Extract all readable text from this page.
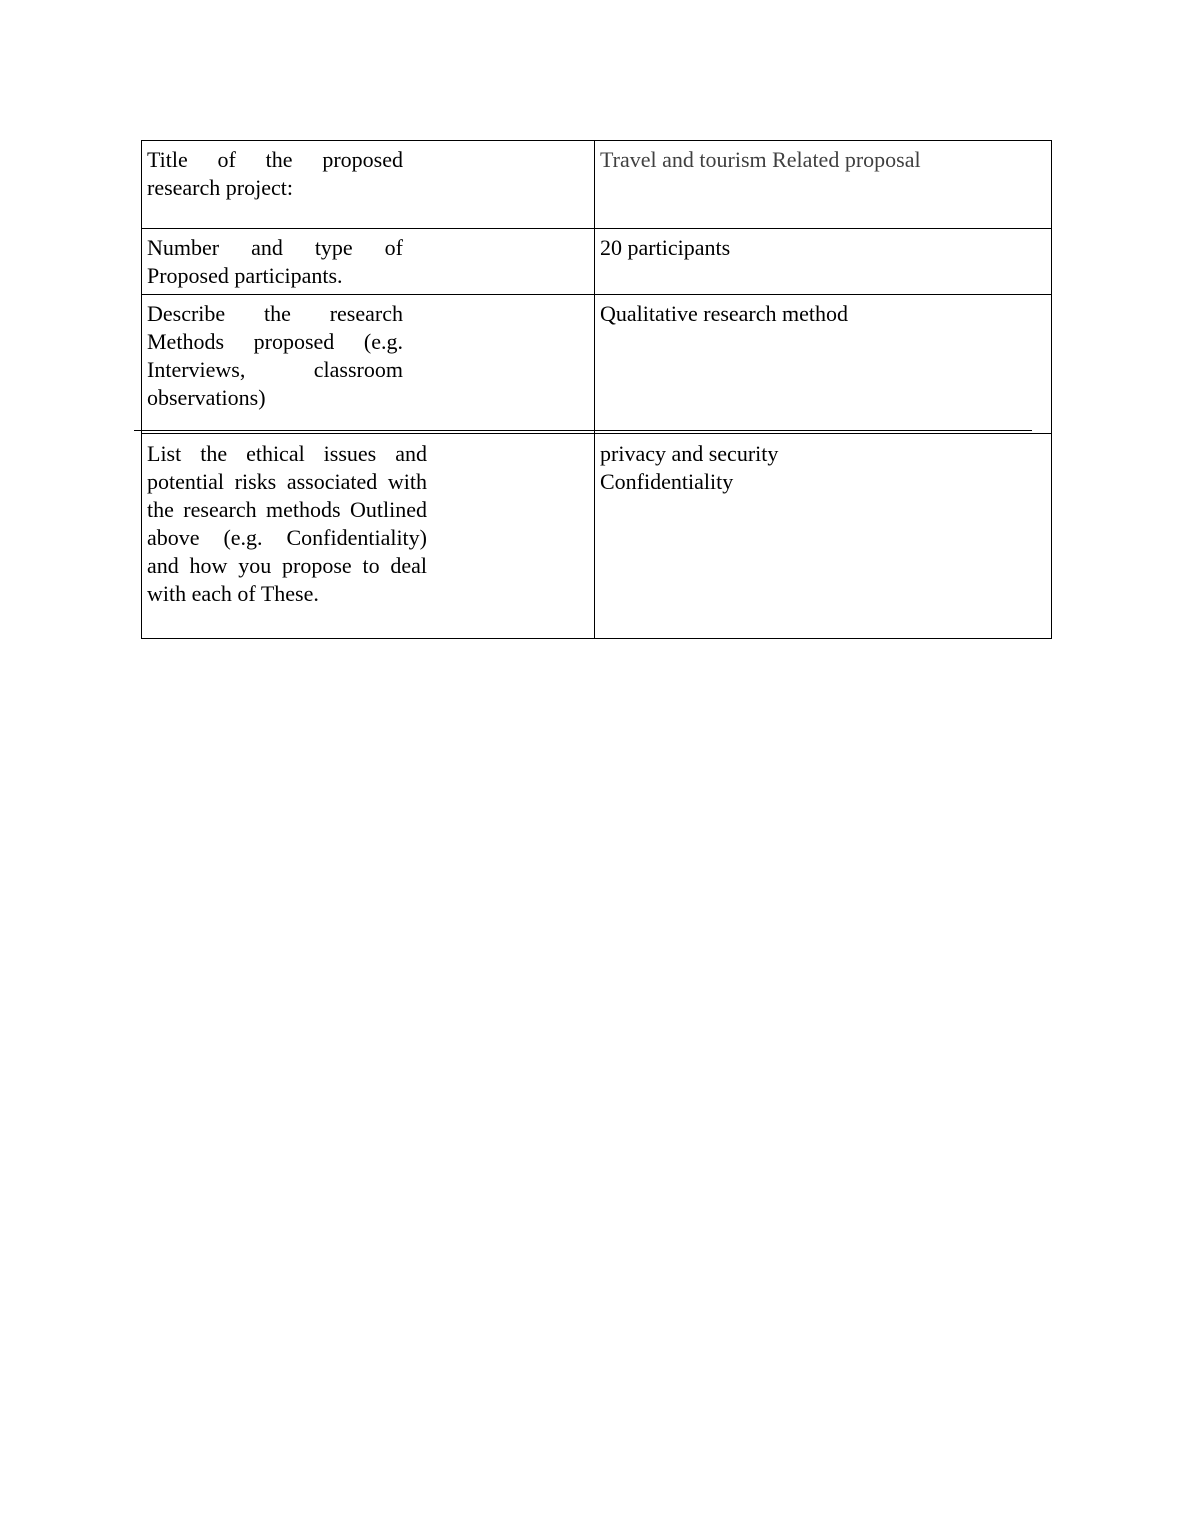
Title of the proposed research project:	Travel and tourism Related proposal

Number and type of Proposed participants.	20 participants

Describe the research Methods proposed (e.g. Interviews, classroom observations)	Qualitative research method

List the ethical issues and potential risks associated with the research methods Outlined above (e.g. Confidentiality) and how you propose to deal with each of These.	privacy and security
Confidentiality
